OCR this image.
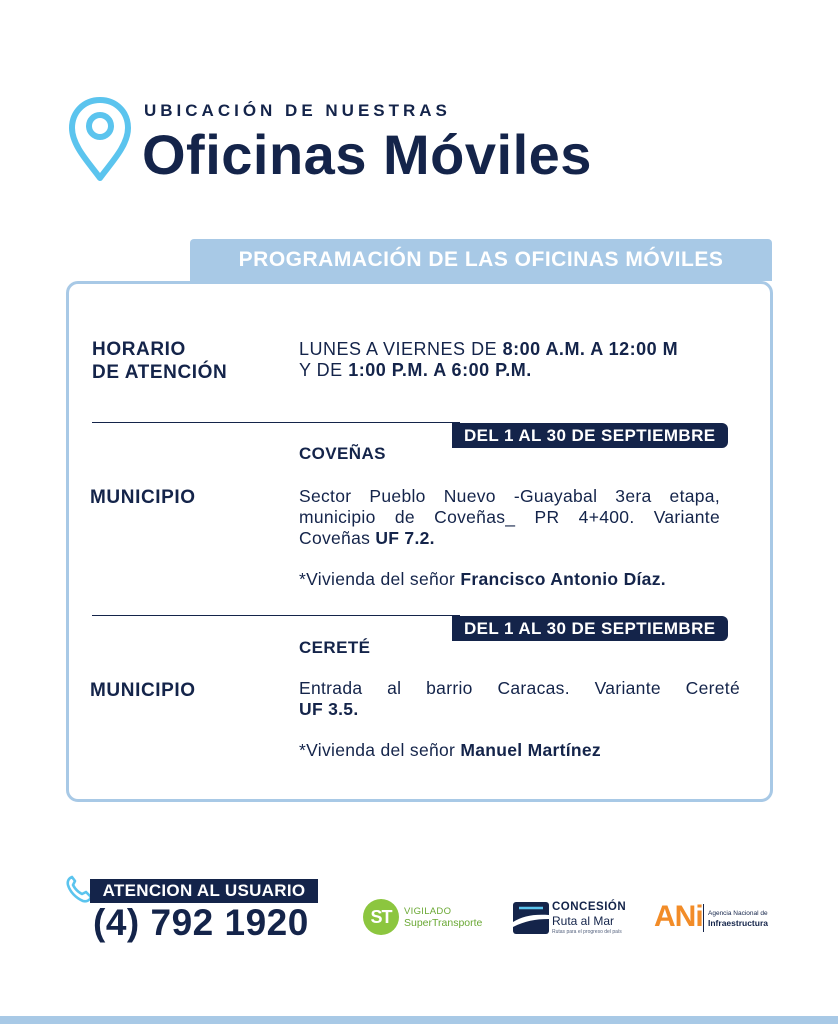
UBICACIÓN DE NUESTRAS
Oficinas Móviles
PROGRAMACIÓN DE LAS OFICINAS MÓVILES
HORARIO
DE ATENCIÓN
LUNES A VIERNES DE 8:00 A.M. A 12:00 M
Y DE 1:00 P.M. A 6:00 P.M.
DEL 1 AL 30 DE SEPTIEMBRE
COVEÑAS
MUNICIPIO	Sector Pueblo Nuevo -Guayabal 3era etapa,
municipio de Coveñas_ PR 4+400. Variante
Coveñas UF 7.2.
*Vivienda del señor Francisco Antonio Díaz.
DEL 1 AL 30 DE SEPTIEMBRE
CERETÉ
MUNICIPIO	Entrada al barrio Caracas. Variante Cereté
UF 3.5.
*Vivienda del señor Manuel Martínez
ATENCION AL USUARIO
(4) 792 1920	ST	VIGILADO
SuperTransporte
CONCESIÓN
Ruta al Mar
Rutas para el progreso del país ANi Agencia Nacional de
Infraestructura
